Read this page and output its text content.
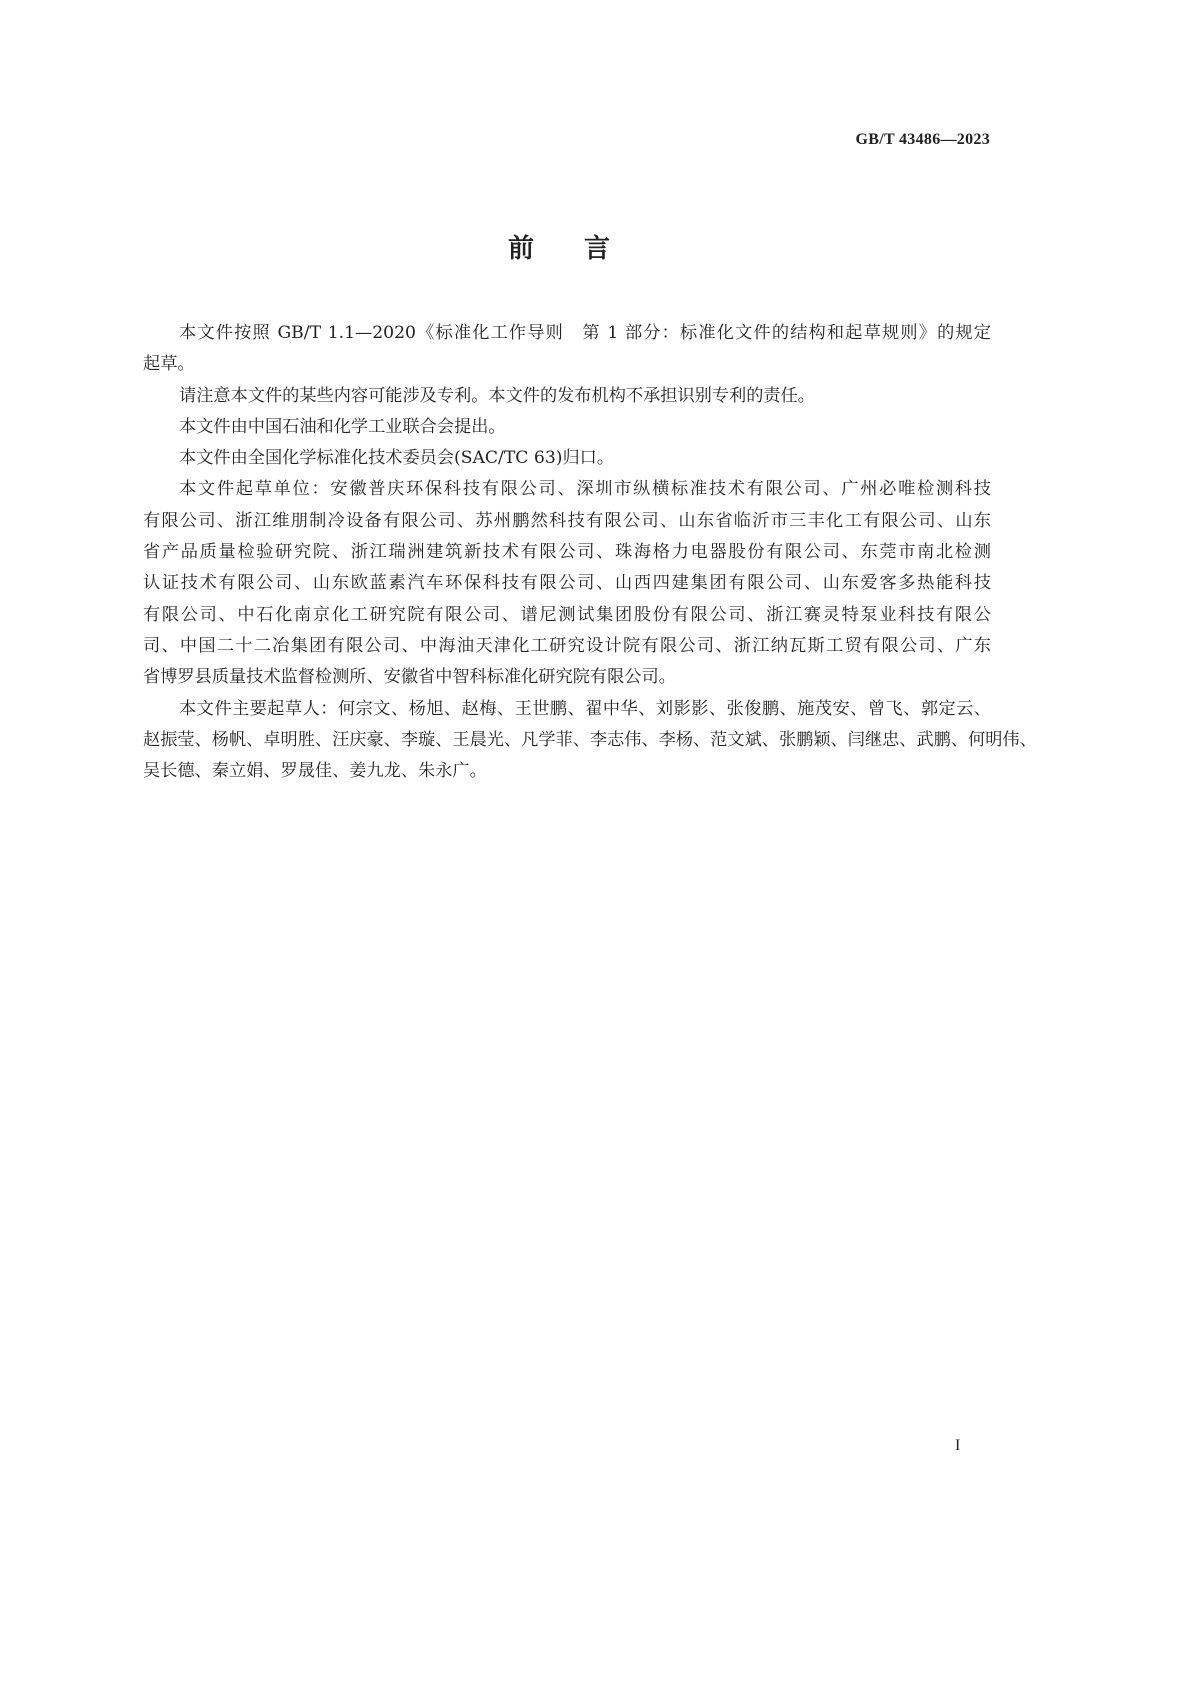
GB/T 43486—2023
前 言
本文件按照 GB/T 1.1—2020《标准化工作导则　第 1 部分：标准化文件的结构和起草规则》的规定
起草。
请注意本文件的某些内容可能涉及专利。本文件的发布机构不承担识别专利的责任。
本文件由中国石油和化学工业联合会提出。
本文件由全国化学标准化技术委员会(SAC/TC 63)归口。
本文件起草单位：安徽普庆环保科技有限公司、深圳市纵横标准技术有限公司、广州必唯检测科技
有限公司、浙江维朋制冷设备有限公司、苏州鹏然科技有限公司、山东省临沂市三丰化工有限公司、山东
省产品质量检验研究院、浙江瑞洲建筑新技术有限公司、珠海格力电器股份有限公司、东莞市南北检测
认证技术有限公司、山东欧蓝素汽车环保科技有限公司、山西四建集团有限公司、山东爱客多热能科技
有限公司、中石化南京化工研究院有限公司、谱尼测试集团股份有限公司、浙江赛灵特泵业科技有限公
司、中国二十二冶集团有限公司、中海油天津化工研究设计院有限公司、浙江纳瓦斯工贸有限公司、广东
省博罗县质量技术监督检测所、安徽省中智科标准化研究院有限公司。
本文件主要起草人：何宗文、杨旭、赵梅、王世鹏、翟中华、刘影影、张俊鹏、施茂安、曾飞、郭定云、
赵振莹、杨帆、卓明胜、汪庆豪、李璇、王晨光、凡学菲、李志伟、李杨、范文斌、张鹏颖、闫继忠、武鹏、何明伟、
吴长德、秦立娟、罗晟佳、姜九龙、朱永广。
I
